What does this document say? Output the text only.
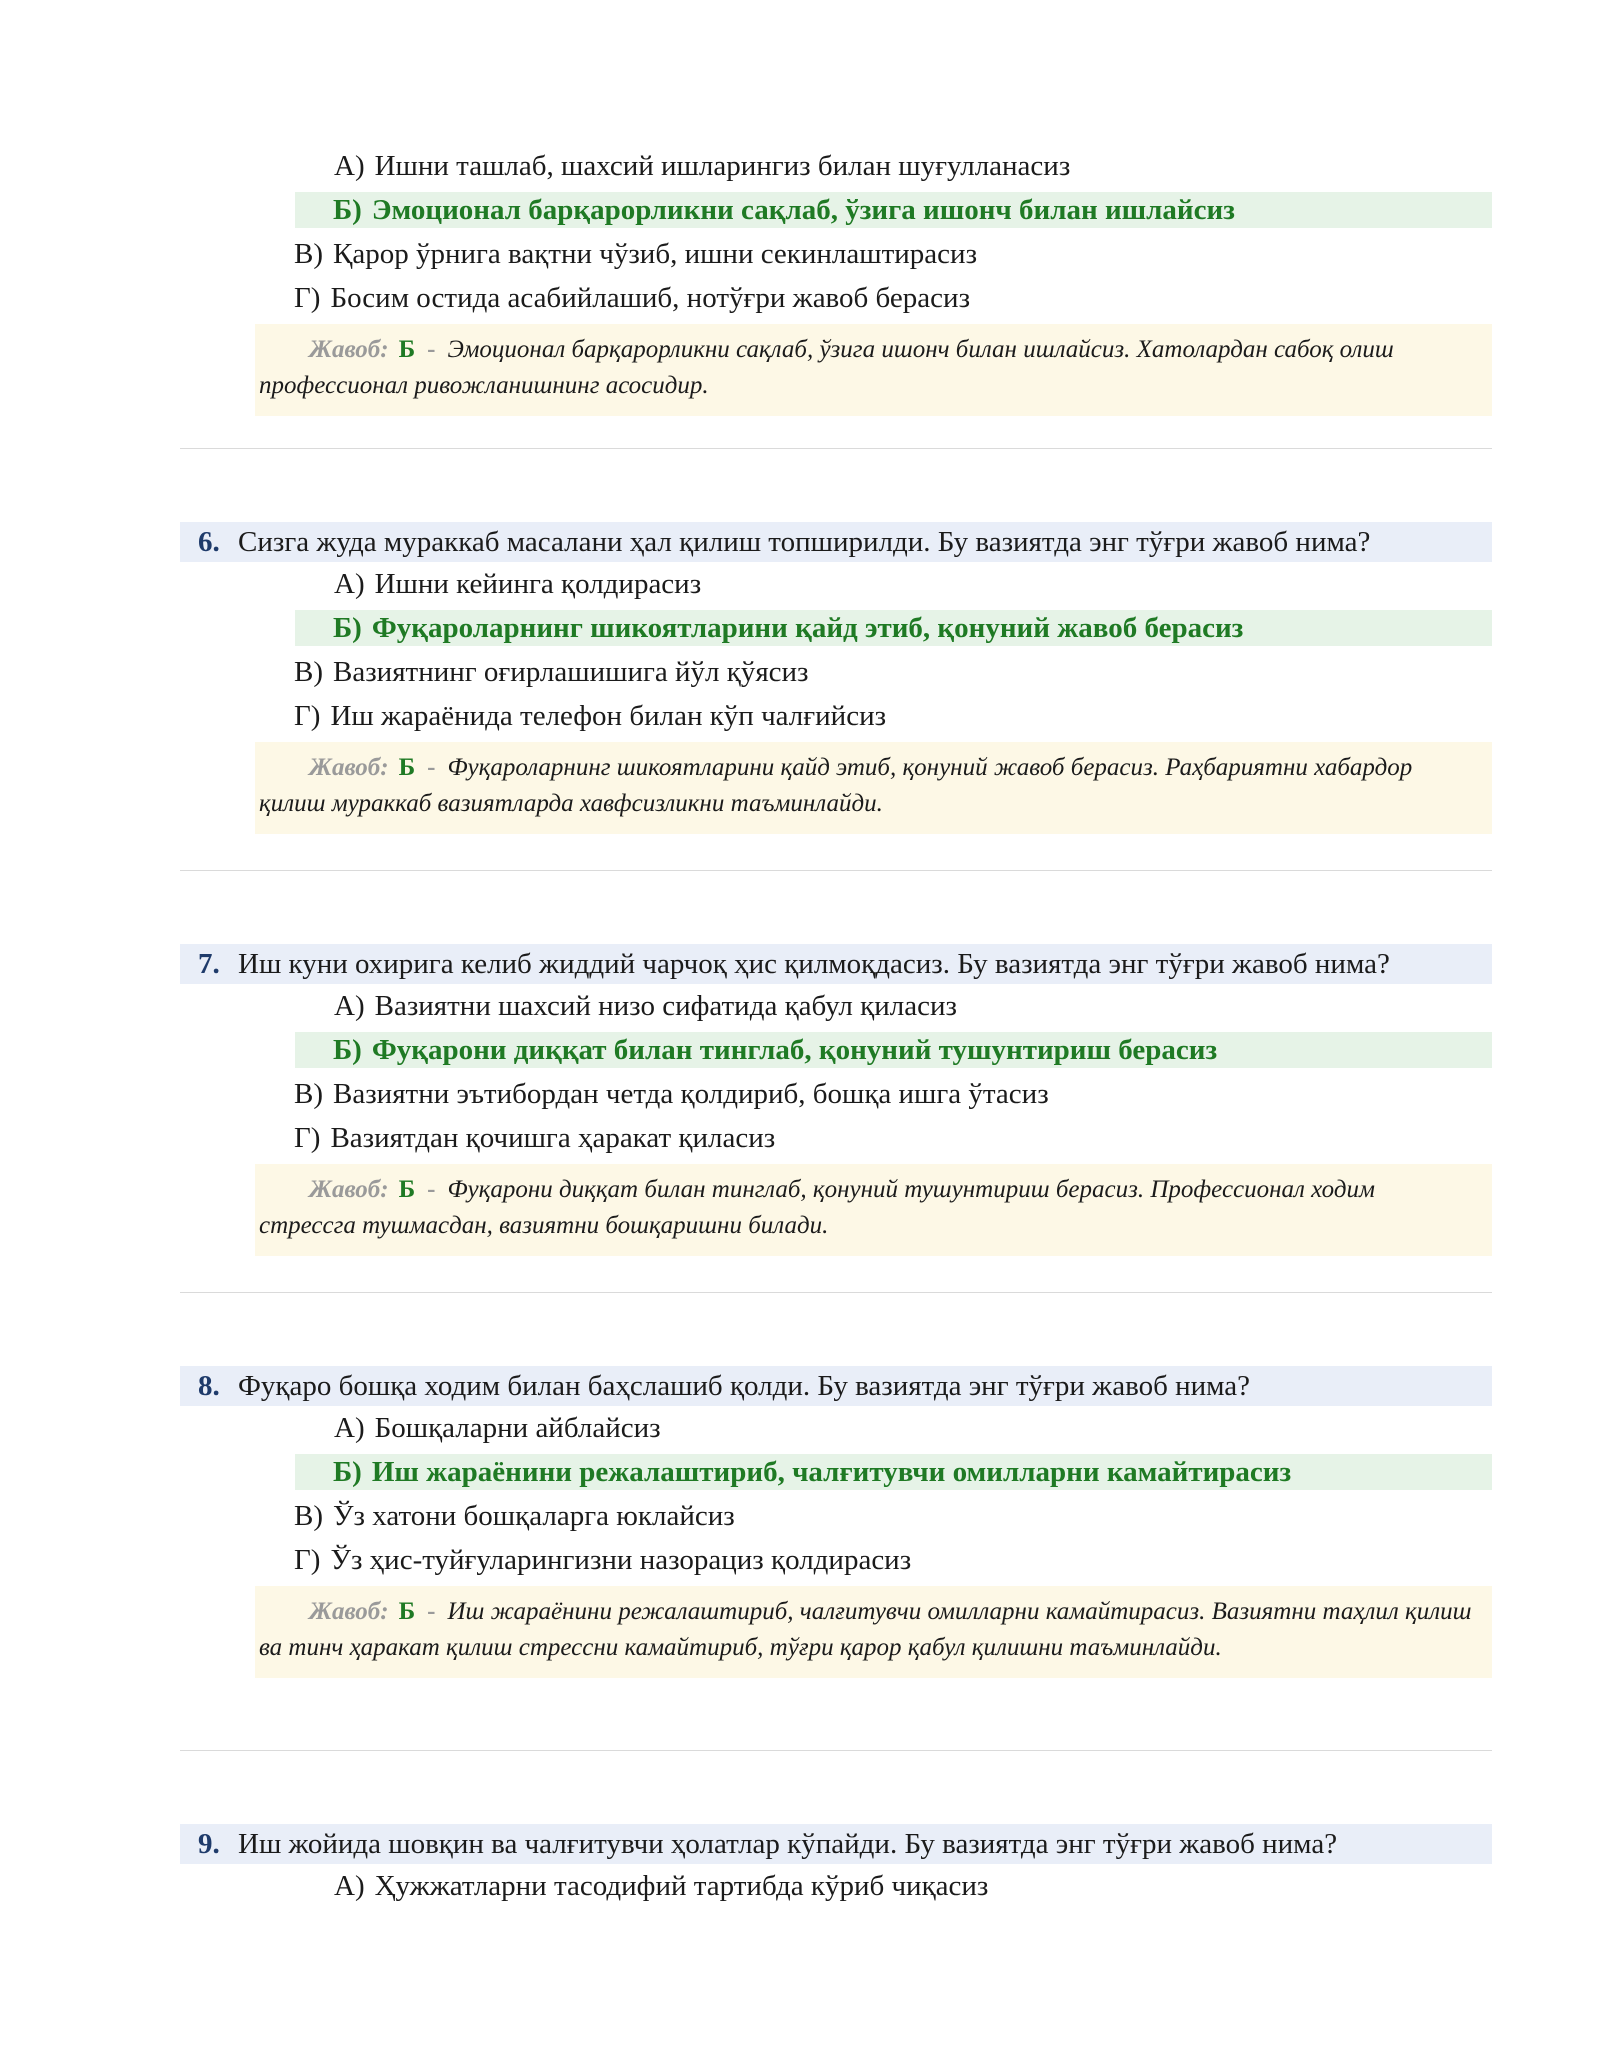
А) Ишни ташлаб, шахсий ишларингиз билан шуғулланасиз
Б) Эмоционал барқарорликни сақлаб, ўзига ишонч билан ишлайсиз
В) Қарор ўрнига вақтни чўзиб, ишни секинлаштирасиз
Г) Босим остида асабийлашиб, нотўғри жавоб берасиз
Жавоб: Б - Эмоционал барқарорликни сақлаб, ўзига ишонч билан ишлайсиз. Хатолардан сабоқ олиш профессионал ривожланишнинг асосидир.
6. Сизга жуда мураккаб масалани ҳал қилиш топширилди. Бу вазиятда энг тўғри жавоб нима?
А) Ишни кейинга қолдирасиз
Б) Фуқароларнинг шикоятларини қайд этиб, қонуний жавоб берасиз
В) Вазиятнинг оғирлашишига йўл қўясиз
Г) Иш жараёнида телефон билан кўп чалғийсиз
Жавоб: Б - Фуқароларнинг шикоятларини қайд этиб, қонуний жавоб берасиз. Раҳбариятни хабардор қилиш мураккаб вазиятларда хавфсизликни таъминлайди.
7. Иш куни охирига келиб жиддий чарчоқ ҳис қилмоқдасиз. Бу вазиятда энг тўғри жавоб нима?
А) Вазиятни шахсий низо сифатида қабул қиласиз
Б) Фуқарони диққат билан тинглаб, қонуний тушунтириш берасиз
В) Вазиятни эътибордан четда қолдириб, бошқа ишга ўтасиз
Г) Вазиятдан қочишга ҳаракат қиласиз
Жавоб: Б - Фуқарони диққат билан тинглаб, қонуний тушунтириш берасиз. Профессионал ходим стрессга тушмасдан, вазиятни бошқаришни билади.
8. Фуқаро бошқа ходим билан баҳслашиб қолди. Бу вазиятда энг тўғри жавоб нима?
А) Бошқаларни айблайсиз
Б) Иш жараёнини режалаштириб, чалғитувчи омилларни камайтирасиз
В) Ўз хатони бошқаларга юклайсиз
Г) Ўз ҳис-туйғуларингизни назорациз қолдирасиз
Жавоб: Б - Иш жараёнини режалаштириб, чалғитувчи омилларни камайтирасиз. Вазиятни таҳлил қилиш ва тинч ҳаракат қилиш стрессни камайтириб, тўғри қарор қабул қилишни таъминлайди.
9. Иш жойида шовқин ва чалғитувчи ҳолатлар кўпайди. Бу вазиятда энг тўғри жавоб нима?
А) Ҳужжатларни тасодифий тартибда кўриб чиқасиз
